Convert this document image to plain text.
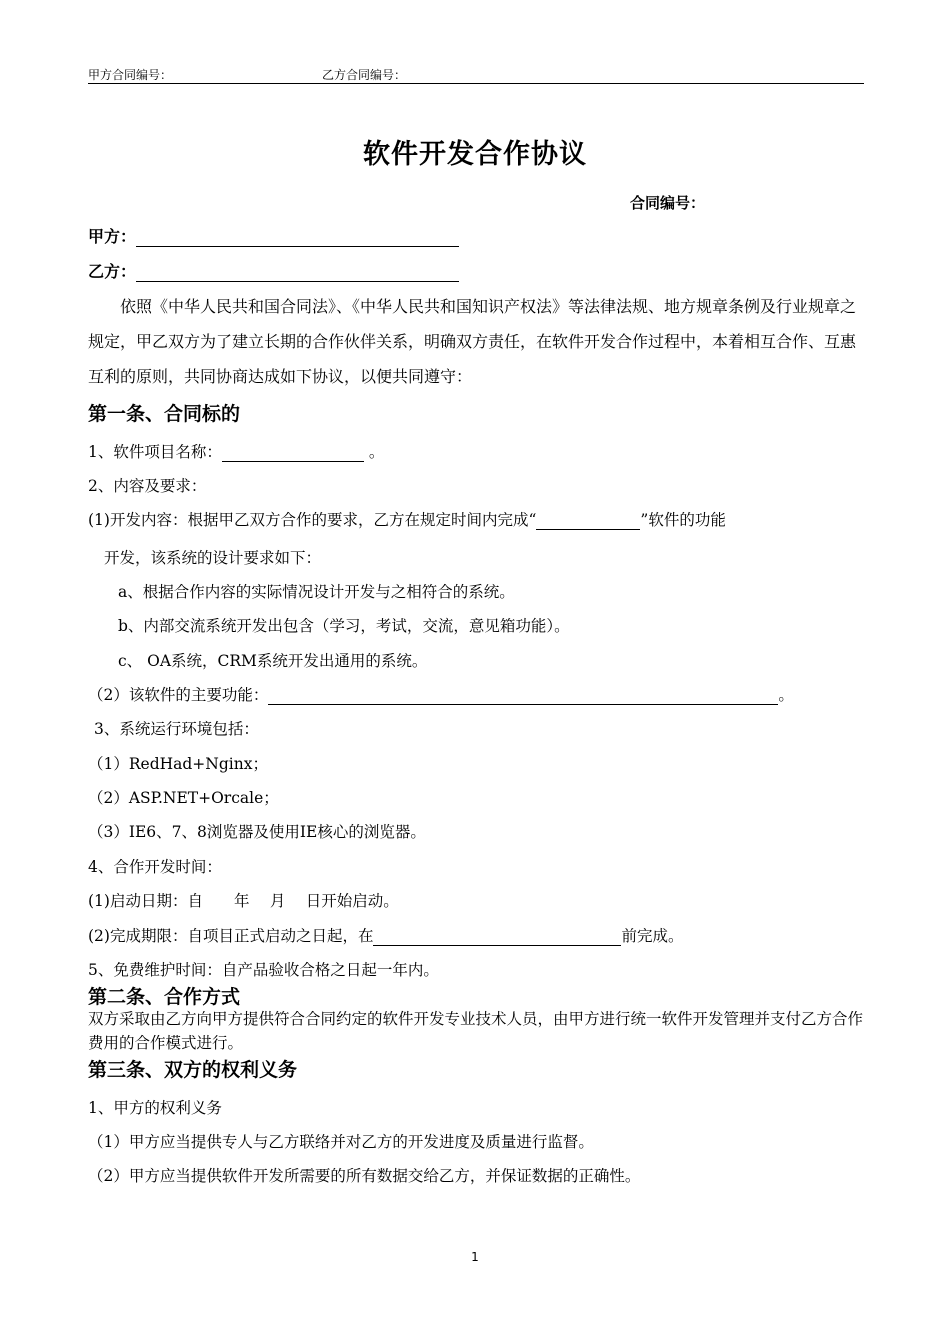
甲方合同编号：	乙方合同编号：
软件开发合作协议
合同编号：
甲方：
乙方：
依照《中华人民共和国合同法》、《中华人民共和国知识产权法》等法律法规、地方规章条例及行业规章之规定，甲乙双方为了建立长期的合作伙伴关系，明确双方责任，在软件开发合作过程中，本着相互合作、互惠互利的原则，共同协商达成如下协议，以便共同遵守：
第一条、合同标的
1、软件项目名称：	。
2、内容及要求：
(1)开发内容：根据甲乙双方合作的要求，乙方在规定时间内完成“	”软件的功能
开发，该系统的设计要求如下：
a、根据合作内容的实际情况设计开发与之相符合的系统。
b、内部交流系统开发出包含（学习，考试，交流，意见箱功能）。
c、 OA系统，CRM系统开发出通用的系统。
（2）该软件的主要功能：	。
3、系统运行环境包括：
（1）RedHad+Nginx；
（2）ASP.NET+Orcale；
（3）IE6、7、8浏览器及使用IE核心的浏览器。
4、合作开发时间：
(1)启动日期：自　　年　 月　 日开始启动。
(2)完成期限：自项目正式启动之日起，在	前完成。
5、免费维护时间：自产品验收合格之日起一年内。
第二条、合作方式
双方采取由乙方向甲方提供符合合同约定的软件开发专业技术人员，由甲方进行统一软件开发管理并支付乙方合作费用的合作模式进行。
第三条、双方的权利义务
1、甲方的权利义务
（1）甲方应当提供专人与乙方联络并对乙方的开发进度及质量进行监督。
（2）甲方应当提供软件开发所需要的所有数据交给乙方，并保证数据的正确性。
1
